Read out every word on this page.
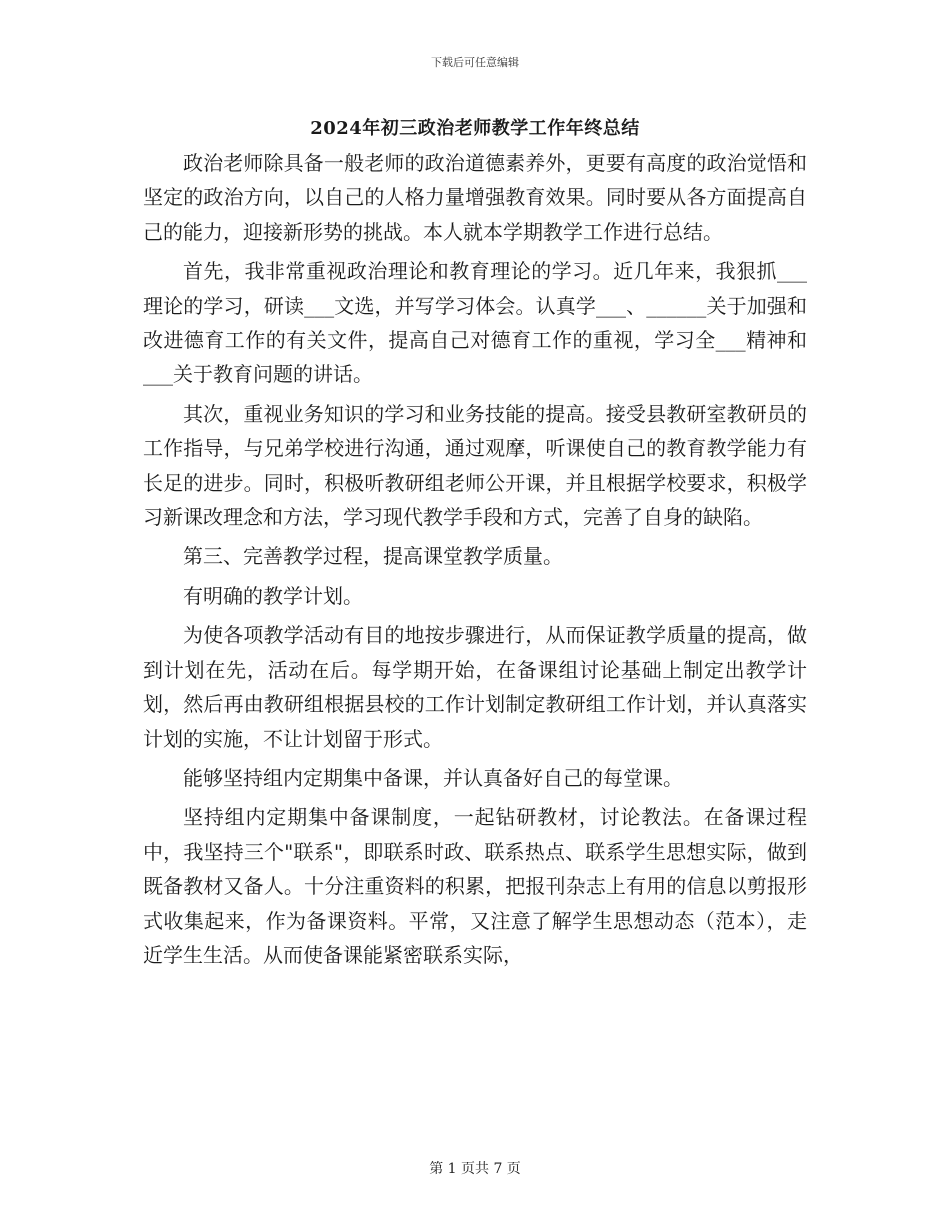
下载后可任意编辑
2024年初三政治老师教学工作年终总结

政治老师除具备一般老师的政治道德素养外，更要有高度的政治觉悟和坚定的政治方向，以自己的人格力量增强教育效果。同时要从各方面提高自己的能力，迎接新形势的挑战。本人就本学期教学工作进行总结。

首先，我非常重视政治理论和教育理论的学习。近几年来，我狠抓___理论的学习，研读___文选，并写学习体会。认真学___、______关于加强和改进德育工作的有关文件，提高自己对德育工作的重视，学习全___精神和___关于教育问题的讲话。

其次，重视业务知识的学习和业务技能的提高。接受县教研室教研员的工作指导，与兄弟学校进行沟通，通过观摩，听课使自己的教育教学能力有长足的进步。同时，积极听教研组老师公开课，并且根据学校要求，积极学习新课改理念和方法，学习现代教学手段和方式，完善了自身的缺陷。

第三、完善教学过程，提高课堂教学质量。

有明确的教学计划。

为使各项教学活动有目的地按步骤进行，从而保证教学质量的提高，做到计划在先，活动在后。每学期开始，在备课组讨论基础上制定出教学计划，然后再由教研组根据县校的工作计划制定教研组工作计划，并认真落实计划的实施，不让计划留于形式。

能够坚持组内定期集中备课，并认真备好自己的每堂课。

坚持组内定期集中备课制度，一起钻研教材，讨论教法。在备课过程中，我坚持三个"联系"，即联系时政、联系热点、联系学生思想实际，做到既备教材又备人。十分注重资料的积累，把报刊杂志上有用的信息以剪报形式收集起来，作为备课资料。平常，又注意了解学生思想动态（范本），走近学生生活。从而使备课能紧密联系实际，

第 1 页共 7 页
